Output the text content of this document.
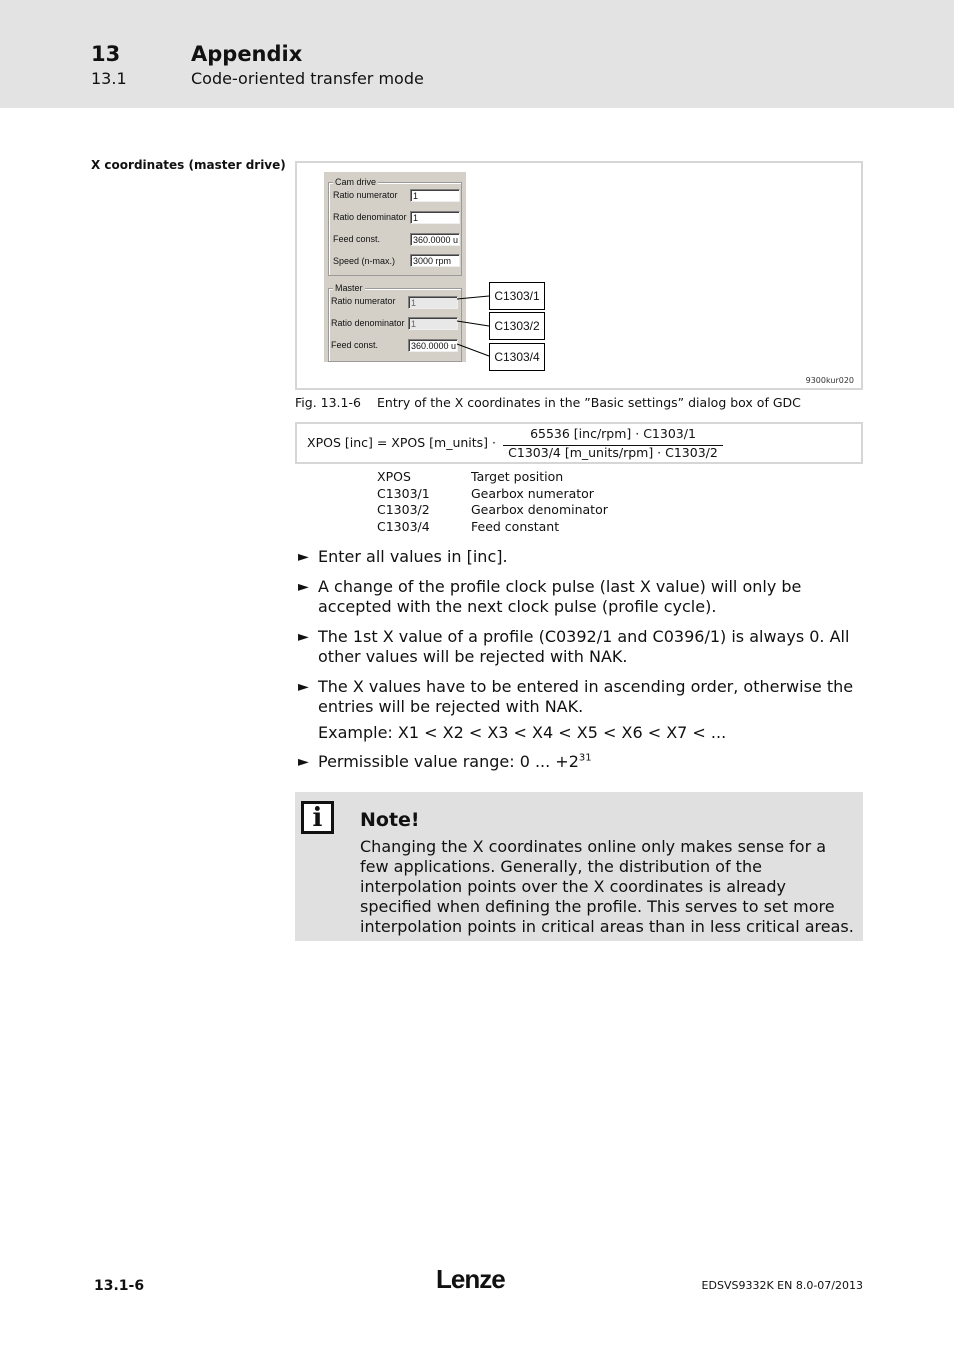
13	Appendix
13.1	Code-oriented transfer mode
X coordinates (master drive)
Cam drive
Ratio numerator	1
Ratio denominator 1
Feed const.	360.0000 u
Speed (n-max.)	3000 rpm
Master
Ratio numerator	1
Ratio denominator 1
Feed const.	360.0000 u
C1303/1
C1303/2
C1303/4
9300kur020
Fig. 13.1-6 Entry of the X coordinates in the ”Basic settings” dialog box of GDC
XPOS [inc] = XPOS [m_units] ·
65536 [inc/rpm] · C1303/1
C1303/4 [m_units/rpm] · C1303/2
XPOS	Target position
C1303/1	Gearbox numerator
C1303/2	Gearbox denominator
C1303/4	Feed constant
► Enter all values in [inc].
► A change of the profile clock pulse (last X value) will only be accepted with the next clock pulse (profile cycle).
► The 1st X value of a profile (C0392/1 and C0396/1) is always 0. All other values will be rejected with NAK.
► The X values have to be entered in ascending order, otherwise the entries will be rejected with NAK.
Example: X1 < X2 < X3 < X4 < X5 < X6 < X7 < ...
► Permissible value range: 0 ... $+2^{31}$
i	Note!
Changing the X coordinates online only makes sense for a few applications. Generally, the distribution of the interpolation points over the X coordinates is already specified when defining the profile. This serves to set more interpolation points in critical areas than in less critical areas.
13.1-6	Lenze	EDSVS9332K EN 8.0-07/2013
